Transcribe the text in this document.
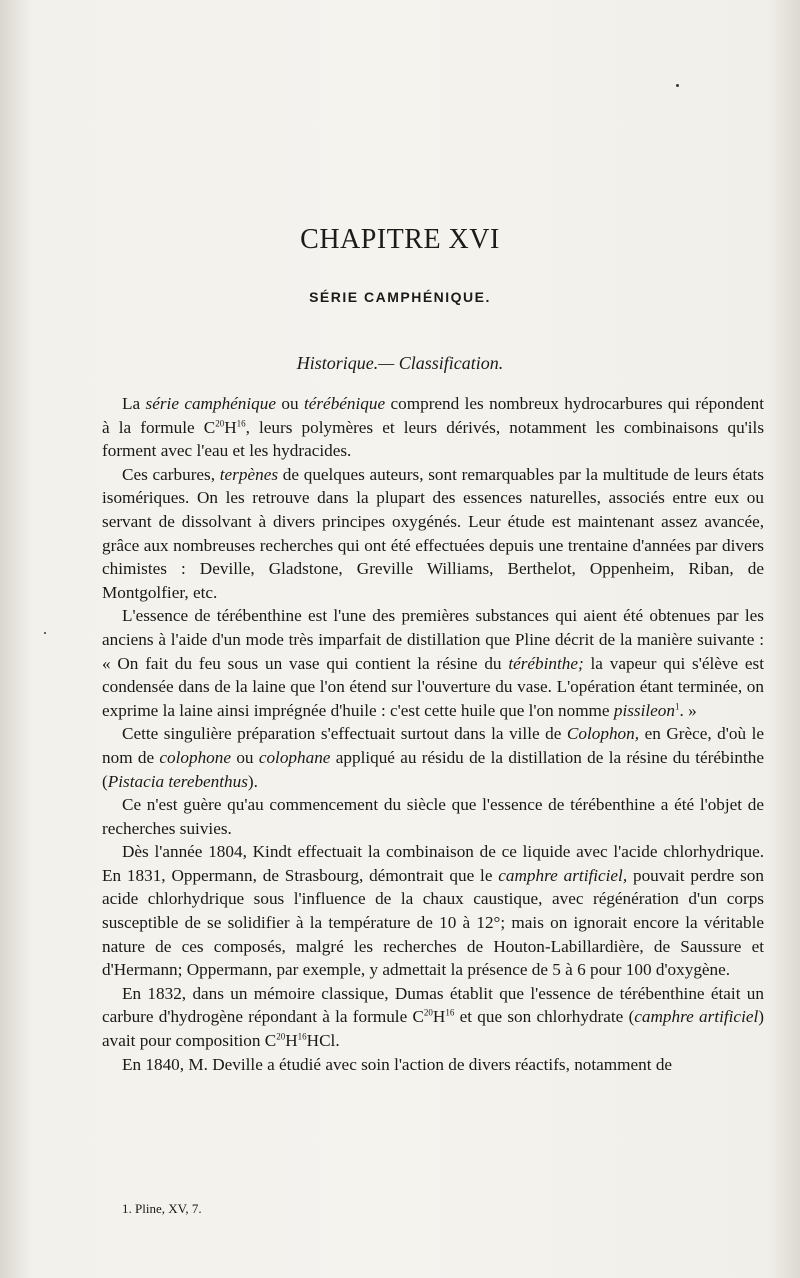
CHAPITRE XVI
SÉRIE CAMPHÉNIQUE.
Historique.— Classification.

La série camphénique ou térébénique comprend les nombreux hydrocarbures qui répondent à la formule $C^{20}H^{16}$, leurs polymères et leurs dérivés, notamment les combinaisons qu'ils forment avec l'eau et les hydracides.

Ces carbures, terpènes de quelques auteurs, sont remarquables par la multitude de leurs états isomériques. On les retrouve dans la plupart des essences naturelles, associés entre eux ou servant de dissolvant à divers principes oxygénés. Leur étude est maintenant assez avancée, grâce aux nombreuses recherches qui ont été effectuées depuis une trentaine d'années par divers chimistes : Deville, Gladstone, Greville Williams, Berthelot, Oppenheim, Riban, de Montgolfier, etc.

L'essence de térébenthine est l'une des premières substances qui aient été obtenues par les anciens à l'aide d'un mode très imparfait de distillation que Pline décrit de la manière suivante : « On fait du feu sous un vase qui contient la résine du térébinthe; la vapeur qui s'élève est condensée dans de la laine que l'on étend sur l'ouverture du vase. L'opération étant terminée, on exprime la laine ainsi imprégnée d'huile : c'est cette huile que l'on nomme pissileon$^1$. »

Cette singulière préparation s'effectuait surtout dans la ville de Colophon, en Grèce, d'où le nom de colophone ou colophane appliqué au résidu de la distillation de la résine du térébinthe (Pistacia terebenthus).

Ce n'est guère qu'au commencement du siècle que l'essence de térébenthine a été l'objet de recherches suivies.

Dès l'année 1804, Kindt effectuait la combinaison de ce liquide avec l'acide chlorhydrique. En 1831, Oppermann, de Strasbourg, démontrait que le camphre artificiel, pouvait perdre son acide chlorhydrique sous l'influence de la chaux caustique, avec régénération d'un corps susceptible de se solidifier à la température de 10 à 12°; mais on ignorait encore la véritable nature de ces composés, malgré les recherches de Houton-Labillardière, de Saussure et d'Hermann; Oppermann, par exemple, y admettait la présence de 5 à 6 pour 100 d'oxygène.

En 1832, dans un mémoire classique, Dumas établit que l'essence de térébenthine était un carbure d'hydrogène répondant à la formule $C^{20}H^{16}$ et que son chlorhydrate (camphre artificiel) avait pour composition $C^{20}H^{16}HCl$.

En 1840, M. Deville a étudié avec soin l'action de divers réactifs, notamment de

1. Pline, XV, 7.
